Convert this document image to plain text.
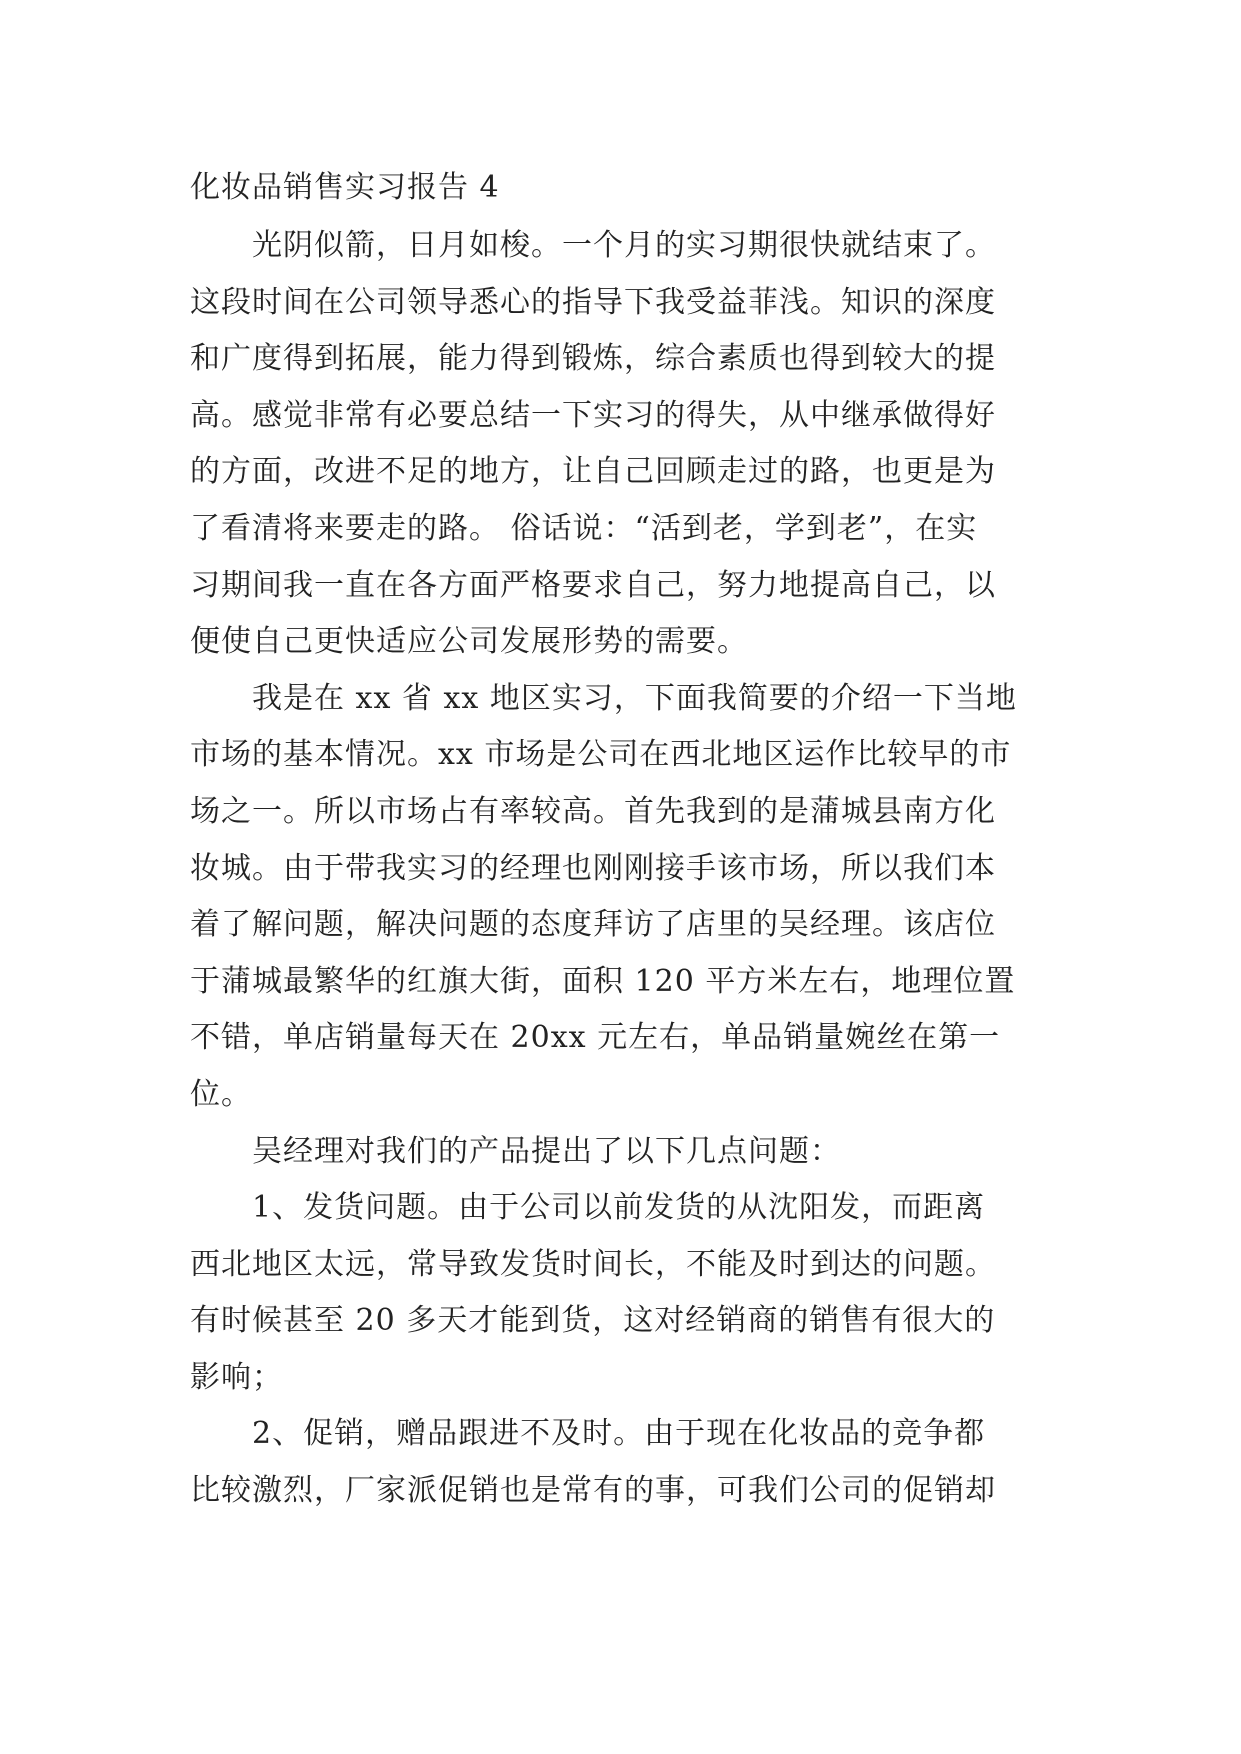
化妆品销售实习报告 4

光阴似箭，日月如梭。一个月的实习期很快就结束了。
这段时间在公司领导悉心的指导下我受益菲浅。知识的深度
和广度得到拓展，能力得到锻炼，综合素质也得到较大的提
高。感觉非常有必要总结一下实习的得失，从中继承做得好
的方面，改进不足的地方，让自己回顾走过的路，也更是为
了看清将来要走的路。 俗话说：“活到老，学到老”，在实
习期间我一直在各方面严格要求自己，努力地提高自己，以
便使自己更快适应公司发展形势的需要。

我是在 xx 省 xx 地区实习，下面我简要的介绍一下当地
市场的基本情况。xx 市场是公司在西北地区运作比较早的市
场之一。所以市场占有率较高。首先我到的是蒲城县南方化
妆城。由于带我实习的经理也刚刚接手该市场，所以我们本
着了解问题，解决问题的态度拜访了店里的吴经理。该店位
于蒲城最繁华的红旗大街，面积 120 平方米左右，地理位置
不错，单店销量每天在 20xx 元左右，单品销量婉丝在第一
位。

吴经理对我们的产品提出了以下几点问题：

1、发货问题。由于公司以前发货的从沈阳发，而距离
西北地区太远，常导致发货时间长，不能及时到达的问题。
有时候甚至 20 多天才能到货，这对经销商的销售有很大的
影响；

2、促销，赠品跟进不及时。由于现在化妆品的竞争都
比较激烈，厂家派促销也是常有的事，可我们公司的促销却
